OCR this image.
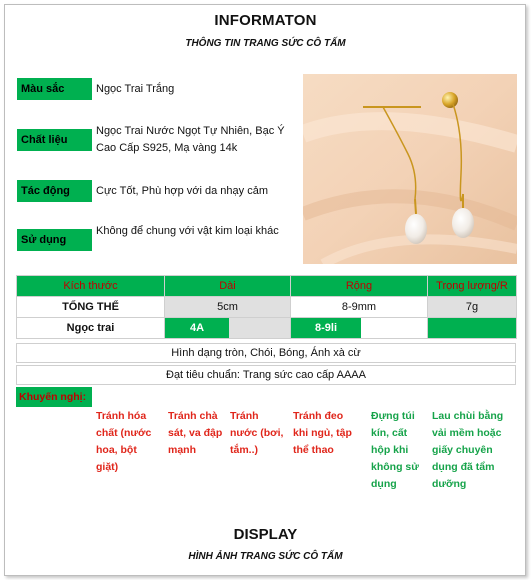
INFORMATON
THÔNG TIN TRANG SỨC CÔ TẤM
Màu sắc	Ngọc Trai Trắng
Chất liệu
Ngọc Trai Nước Ngọt Tự Nhiên, Bạc Ý Cao Cấp S925, Mạ vàng 14k
Tác động	Cực Tốt, Phù hợp với da nhạy cảm
Sử dụng
Không để chung với vật kim loại khác
Kích thước	Dài	Rộng	Trọng lượng/R
TỔNG THỂ	5cm	8-9mm	7g
Ngọc trai	4A	8-9li	

Hình dạng tròn, Chói, Bóng, Ánh xà cừ
Đạt tiêu chuẩn: Trang sức cao cấp AAAA
Khuyến nghị:
Tránh hóa chất (nước hoa, bột giặt)
Tránh chà sát, va đập mạnh
Tránh nước (bơi, tắm..)
Tránh đeo khi ngủ, tập thể thao
Đựng túi kín, cất hộp khi không sử dụng
Lau chùi bằng vải mềm hoặc giấy chuyên dụng đã tẩm dưỡng
DISPLAY
HÌNH ẢNH TRANG SỨC CÔ TẤM
